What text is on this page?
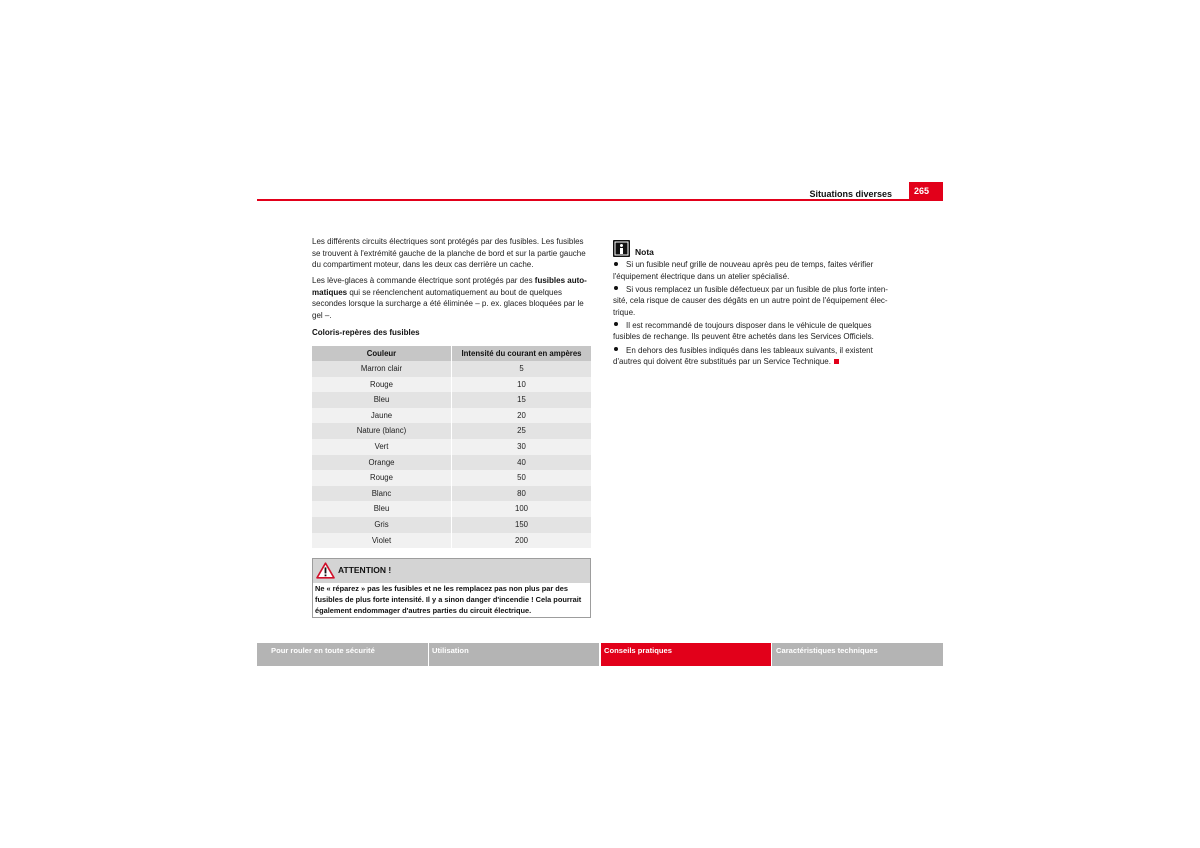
Situations diverses	265

Les différents circuits électriques sont protégés par des fusibles. Les fusibles
se trouvent à l'extrémité gauche de la planche de bord et sur la partie gauche
du compartiment moteur, dans les deux cas derrière un cache.

Les lève-glaces à commande électrique sont protégés par des fusibles auto-
matiques qui se réenclenchent automatiquement au bout de quelques
secondes lorsque la surcharge a été éliminée – p. ex. glaces bloquées par le
gel –.

Coloris-repères des fusibles

Couleur	Intensité du courant en ampères
Marron clair	5
Rouge	10
Bleu	15
Jaune	20
Nature (blanc)	25
Vert	30
Orange	40
Rouge	50
Blanc	80
Bleu	100
Gris	150
Violet	200
ATTENTION !
Ne « réparez » pas les fusibles et ne les remplacez pas non plus par des
fusibles de plus forte intensité. Il y a sinon danger d'incendie ! Cela pourrait
également endommager d'autres parties du circuit électrique.
Nota
Si un fusible neuf grille de nouveau après peu de temps, faites vérifier
l'équipement électrique dans un atelier spécialisé.
Si vous remplacez un fusible défectueux par un fusible de plus forte inten-
sité, cela risque de causer des dégâts en un autre point de l'équipement élec-
trique.
Il est recommandé de toujours disposer dans le véhicule de quelques
fusibles de rechange. Ils peuvent être achetés dans les Services Officiels.
En dehors des fusibles indiqués dans les tableaux suivants, il existent
d'autres qui doivent être substitués par un Service Technique.
Pour rouler en toute sécurité	Utilisation	Conseils pratiques	Caractéristiques techniques
